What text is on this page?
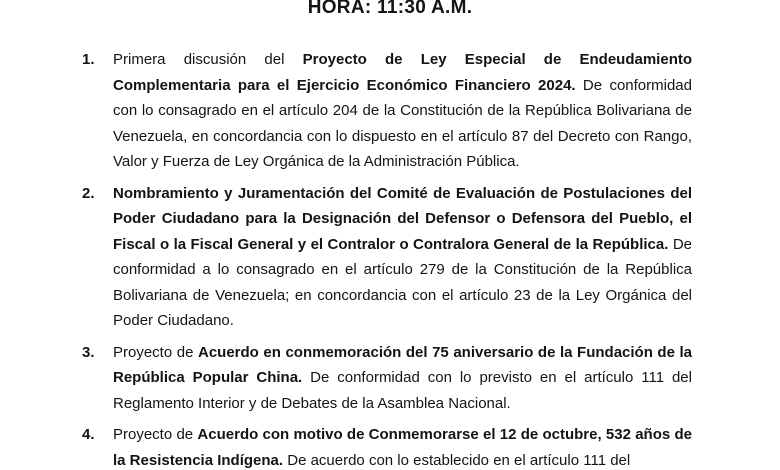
HORA: 11:30 A.M.
1. Primera discusión del Proyecto de Ley Especial de Endeudamiento Complementaria para el Ejercicio Económico Financiero 2024. De conformidad con lo consagrado en el artículo 204 de la Constitución de la República Bolivariana de Venezuela, en concordancia con lo dispuesto en el artículo 87 del Decreto con Rango, Valor y Fuerza de Ley Orgánica de la Administración Pública.
2. Nombramiento y Juramentación del Comité de Evaluación de Postulaciones del Poder Ciudadano para la Designación del Defensor o Defensora del Pueblo, el Fiscal o la Fiscal General y el Contralor o Contralora General de la República. De conformidad a lo consagrado en el artículo 279 de la Constitución de la República Bolivariana de Venezuela; en concordancia con el artículo 23 de la Ley Orgánica del Poder Ciudadano.
3. Proyecto de Acuerdo en conmemoración del 75 aniversario de la Fundación de la República Popular China. De conformidad con lo previsto en el artículo 111 del Reglamento Interior y de Debates de la Asamblea Nacional.
4. Proyecto de Acuerdo con motivo de Conmemorarse el 12 de octubre, 532 años de la Resistencia Indígena. De acuerdo con lo establecido en el artículo 111 del
